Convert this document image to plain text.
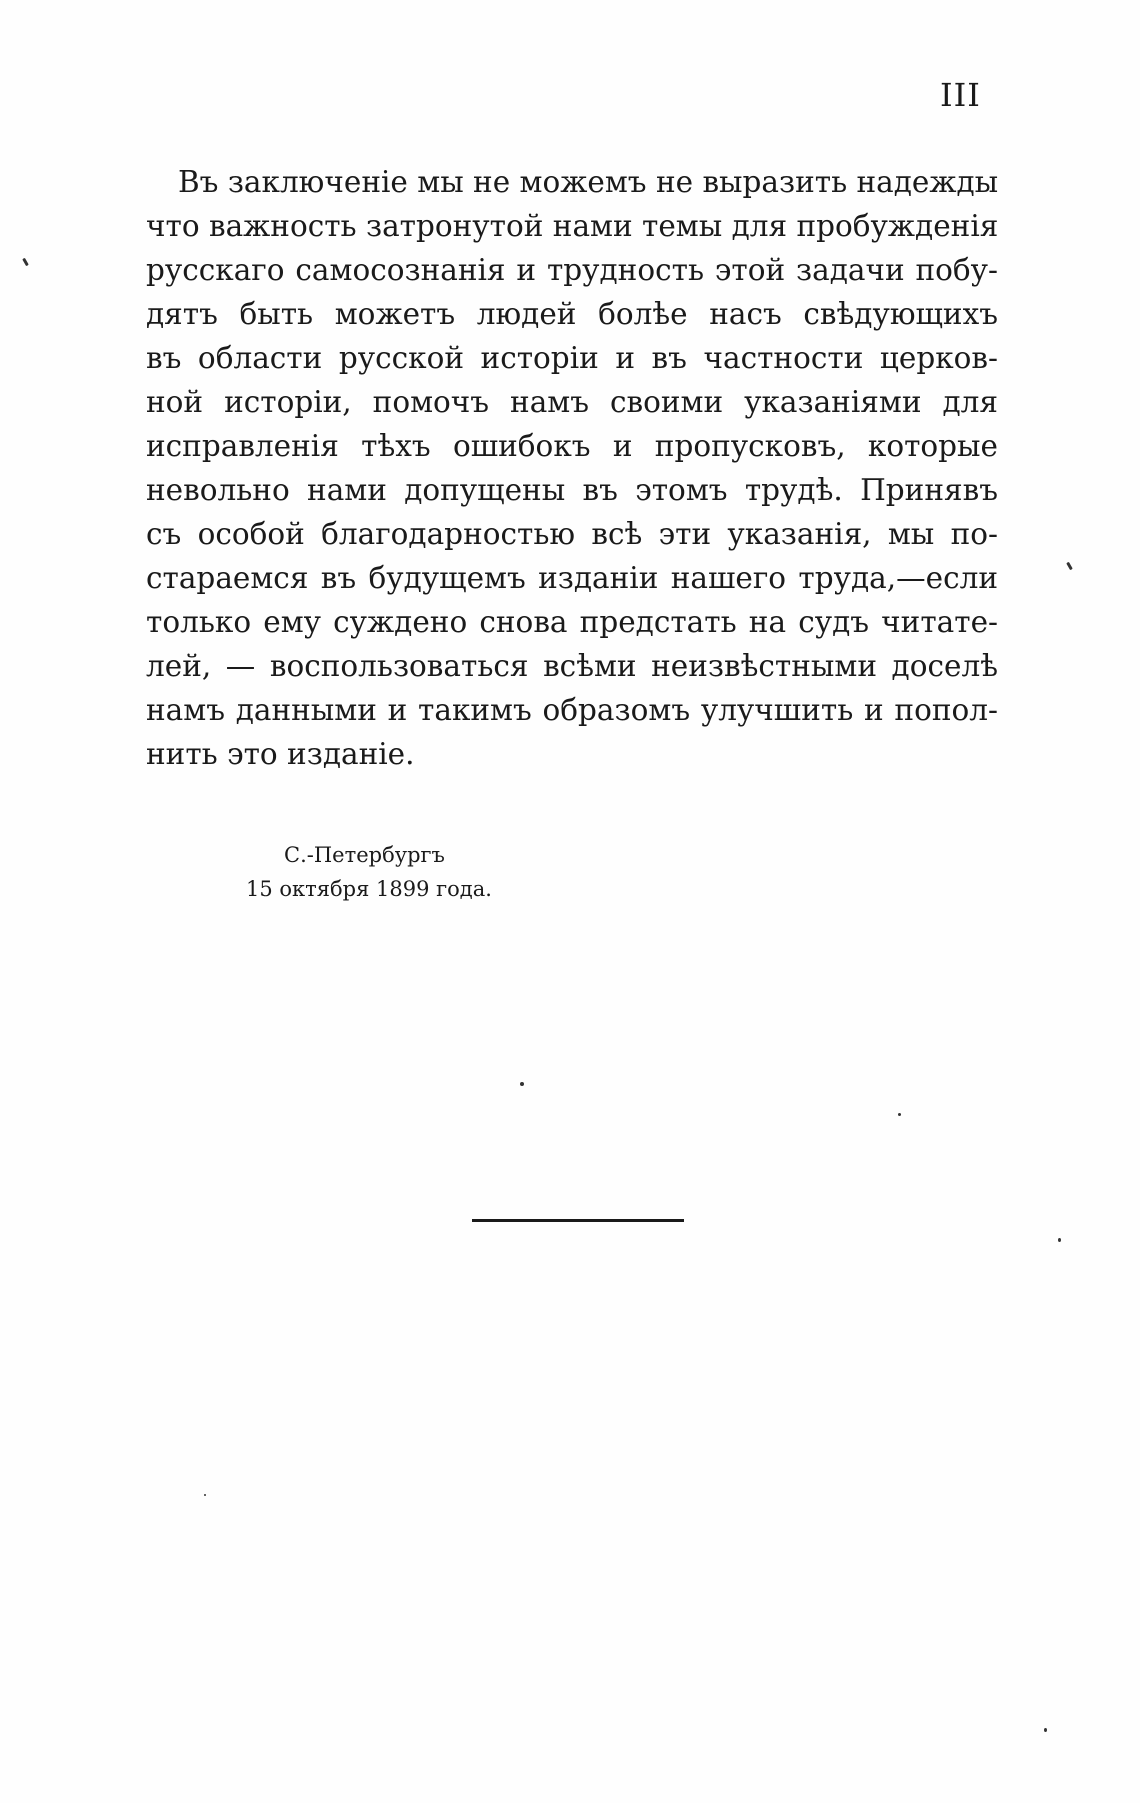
III
Въ заключеніе мы не можемъ не выразить надежды
что важность затронутой нами темы для пробужденія
русскаго самосознанія и трудность этой задачи побу-
дятъ быть можетъ людей болѣе насъ свѣдующихъ
въ области русской исторіи и въ частности церков-
ной исторіи, помочъ намъ своими указаніями для
исправленія тѣхъ ошибокъ и пропусковъ, которые
невольно нами допущены въ этомъ трудѣ. Принявъ
съ особой благодарностью всѣ эти указанія, мы по-
стараемся въ будущемъ изданіи нашего труда,—если
только ему суждено снова предстать на судъ читате-
лей, — воспользоваться всѣми неизвѣстными доселѣ
намъ данными и такимъ образомъ улучшить и попол-
нить это изданіе.
С.-Петербургъ
15 октября 1899 года.
